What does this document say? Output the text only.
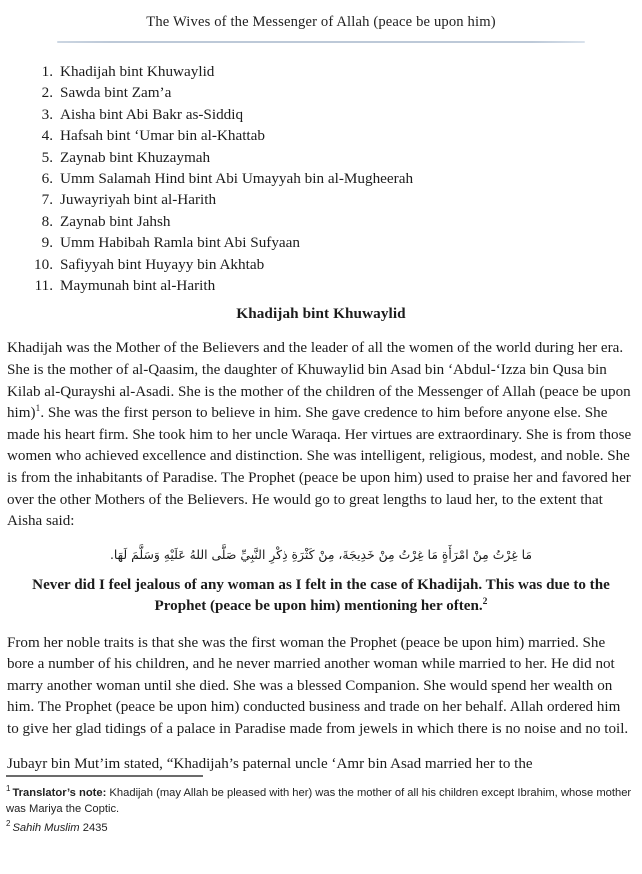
The Wives of the Messenger of Allah (peace be upon him)
1. Khadijah bint Khuwaylid
2. Sawda bint Zam’a
3. Aisha bint Abi Bakr as-Siddiq
4. Hafsah bint ‘Umar bin al-Khattab
5. Zaynab bint Khuzaymah
6. Umm Salamah Hind bint Abi Umayyah bin al-Mugheerah
7. Juwayriyah bint al-Harith
8. Zaynab bint Jahsh
9. Umm Habibah Ramla bint Abi Sufyaan
10. Safiyyah bint Huyayy bin Akhtab
11. Maymunah bint al-Harith
Khadijah bint Khuwaylid

Khadijah was the Mother of the Believers and the leader of all the women of the world during her era. She is the mother of al-Qaasim, the daughter of Khuwaylid bin Asad bin ‘Abdul-‘Izza bin Qusa bin Kilab al-Qurayshi al-Asadi. She is the mother of the children of the Messenger of Allah (peace be upon him)$^1$. She was the first person to believe in him. She gave credence to him before anyone else. She made his heart firm. She took him to her uncle Waraqa. Her virtues are extraordinary. She is from those women who achieved excellence and distinction. She was intelligent, religious, modest, and noble. She is from the inhabitants of Paradise. The Prophet (peace be upon him) used to praise her and favored her over the other Mothers of the Believers. He would go to great lengths to laud her, to the extent that Aisha said:

مَا غِرْتُ مِنْ امْرَأَةٍ مَا غِرْتُ مِنْ خَدِيجَةَ، مِنْ كَثْرَةِ ذِكْرِ النَّبِيِّ صَلَّى اللهُ عَلَيْهِ وَسَلَّمَ لَهَا.
Never did I feel jealous of any woman as I felt in the case of Khadijah. This was due to the Prophet (peace be upon him) mentioning her often.$^2$

From her noble traits is that she was the first woman the Prophet (peace be upon him) married. She bore a number of his children, and he never married another woman while married to her. He did not marry another woman until she died. She was a blessed Companion. She would spend her wealth on him. The Prophet (peace be upon him) conducted business and trade on her behalf. Allah ordered him to give her glad tidings of a palace in Paradise made from jewels in which there is no noise and no toil.

Jubayr bin Mut’im stated, “Khadijah’s paternal uncle ‘Amr bin Asad married her to the

$^1$ Translator’s note: Khadijah (may Allah be pleased with her) was the mother of all his children except Ibrahim, whose mother was Mariya the Coptic.

$^2$ Sahih Muslim 2435
